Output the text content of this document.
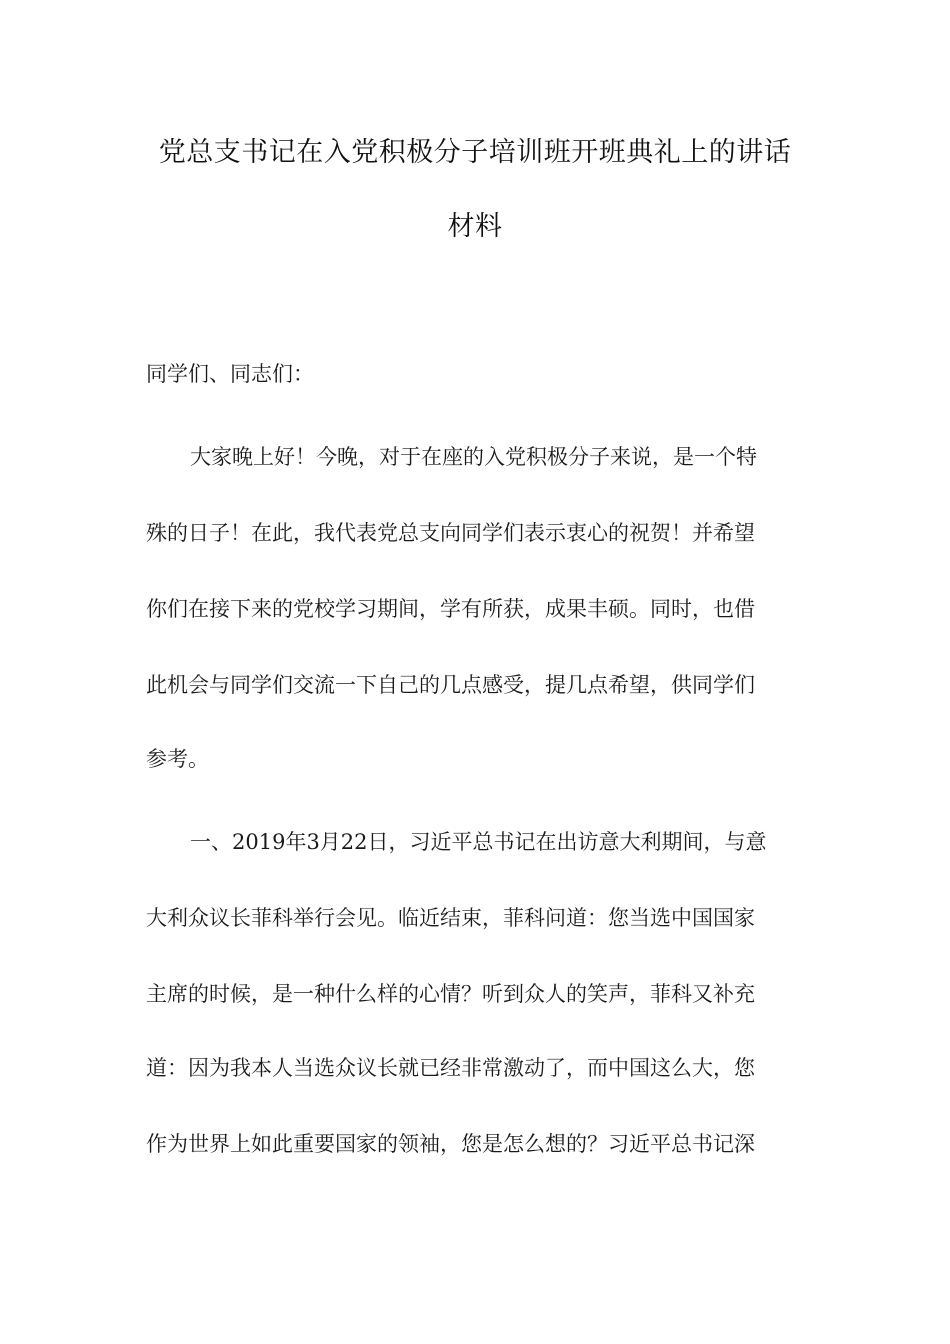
党总支书记在入党积极分子培训班开班典礼上的讲话
材料

同学们、同志们：

大家晚上好！今晚，对于在座的入党积极分子来说，是一个特

殊的日子！在此，我代表党总支向同学们表示衷心的祝贺！并希望

你们在接下来的党校学习期间，学有所获，成果丰硕。同时，也借

此机会与同学们交流一下自己的几点感受，提几点希望，供同学们

参考。

一、2019年3月22日，习近平总书记在出访意大利期间，与意

大利众议长菲科举行会见。临近结束，菲科问道：您当选中国国家

主席的时候，是一种什么样的心情？听到众人的笑声，菲科又补充

道：因为我本人当选众议长就已经非常激动了，而中国这么大，您

作为世界上如此重要国家的领袖，您是怎么想的？习近平总书记深
